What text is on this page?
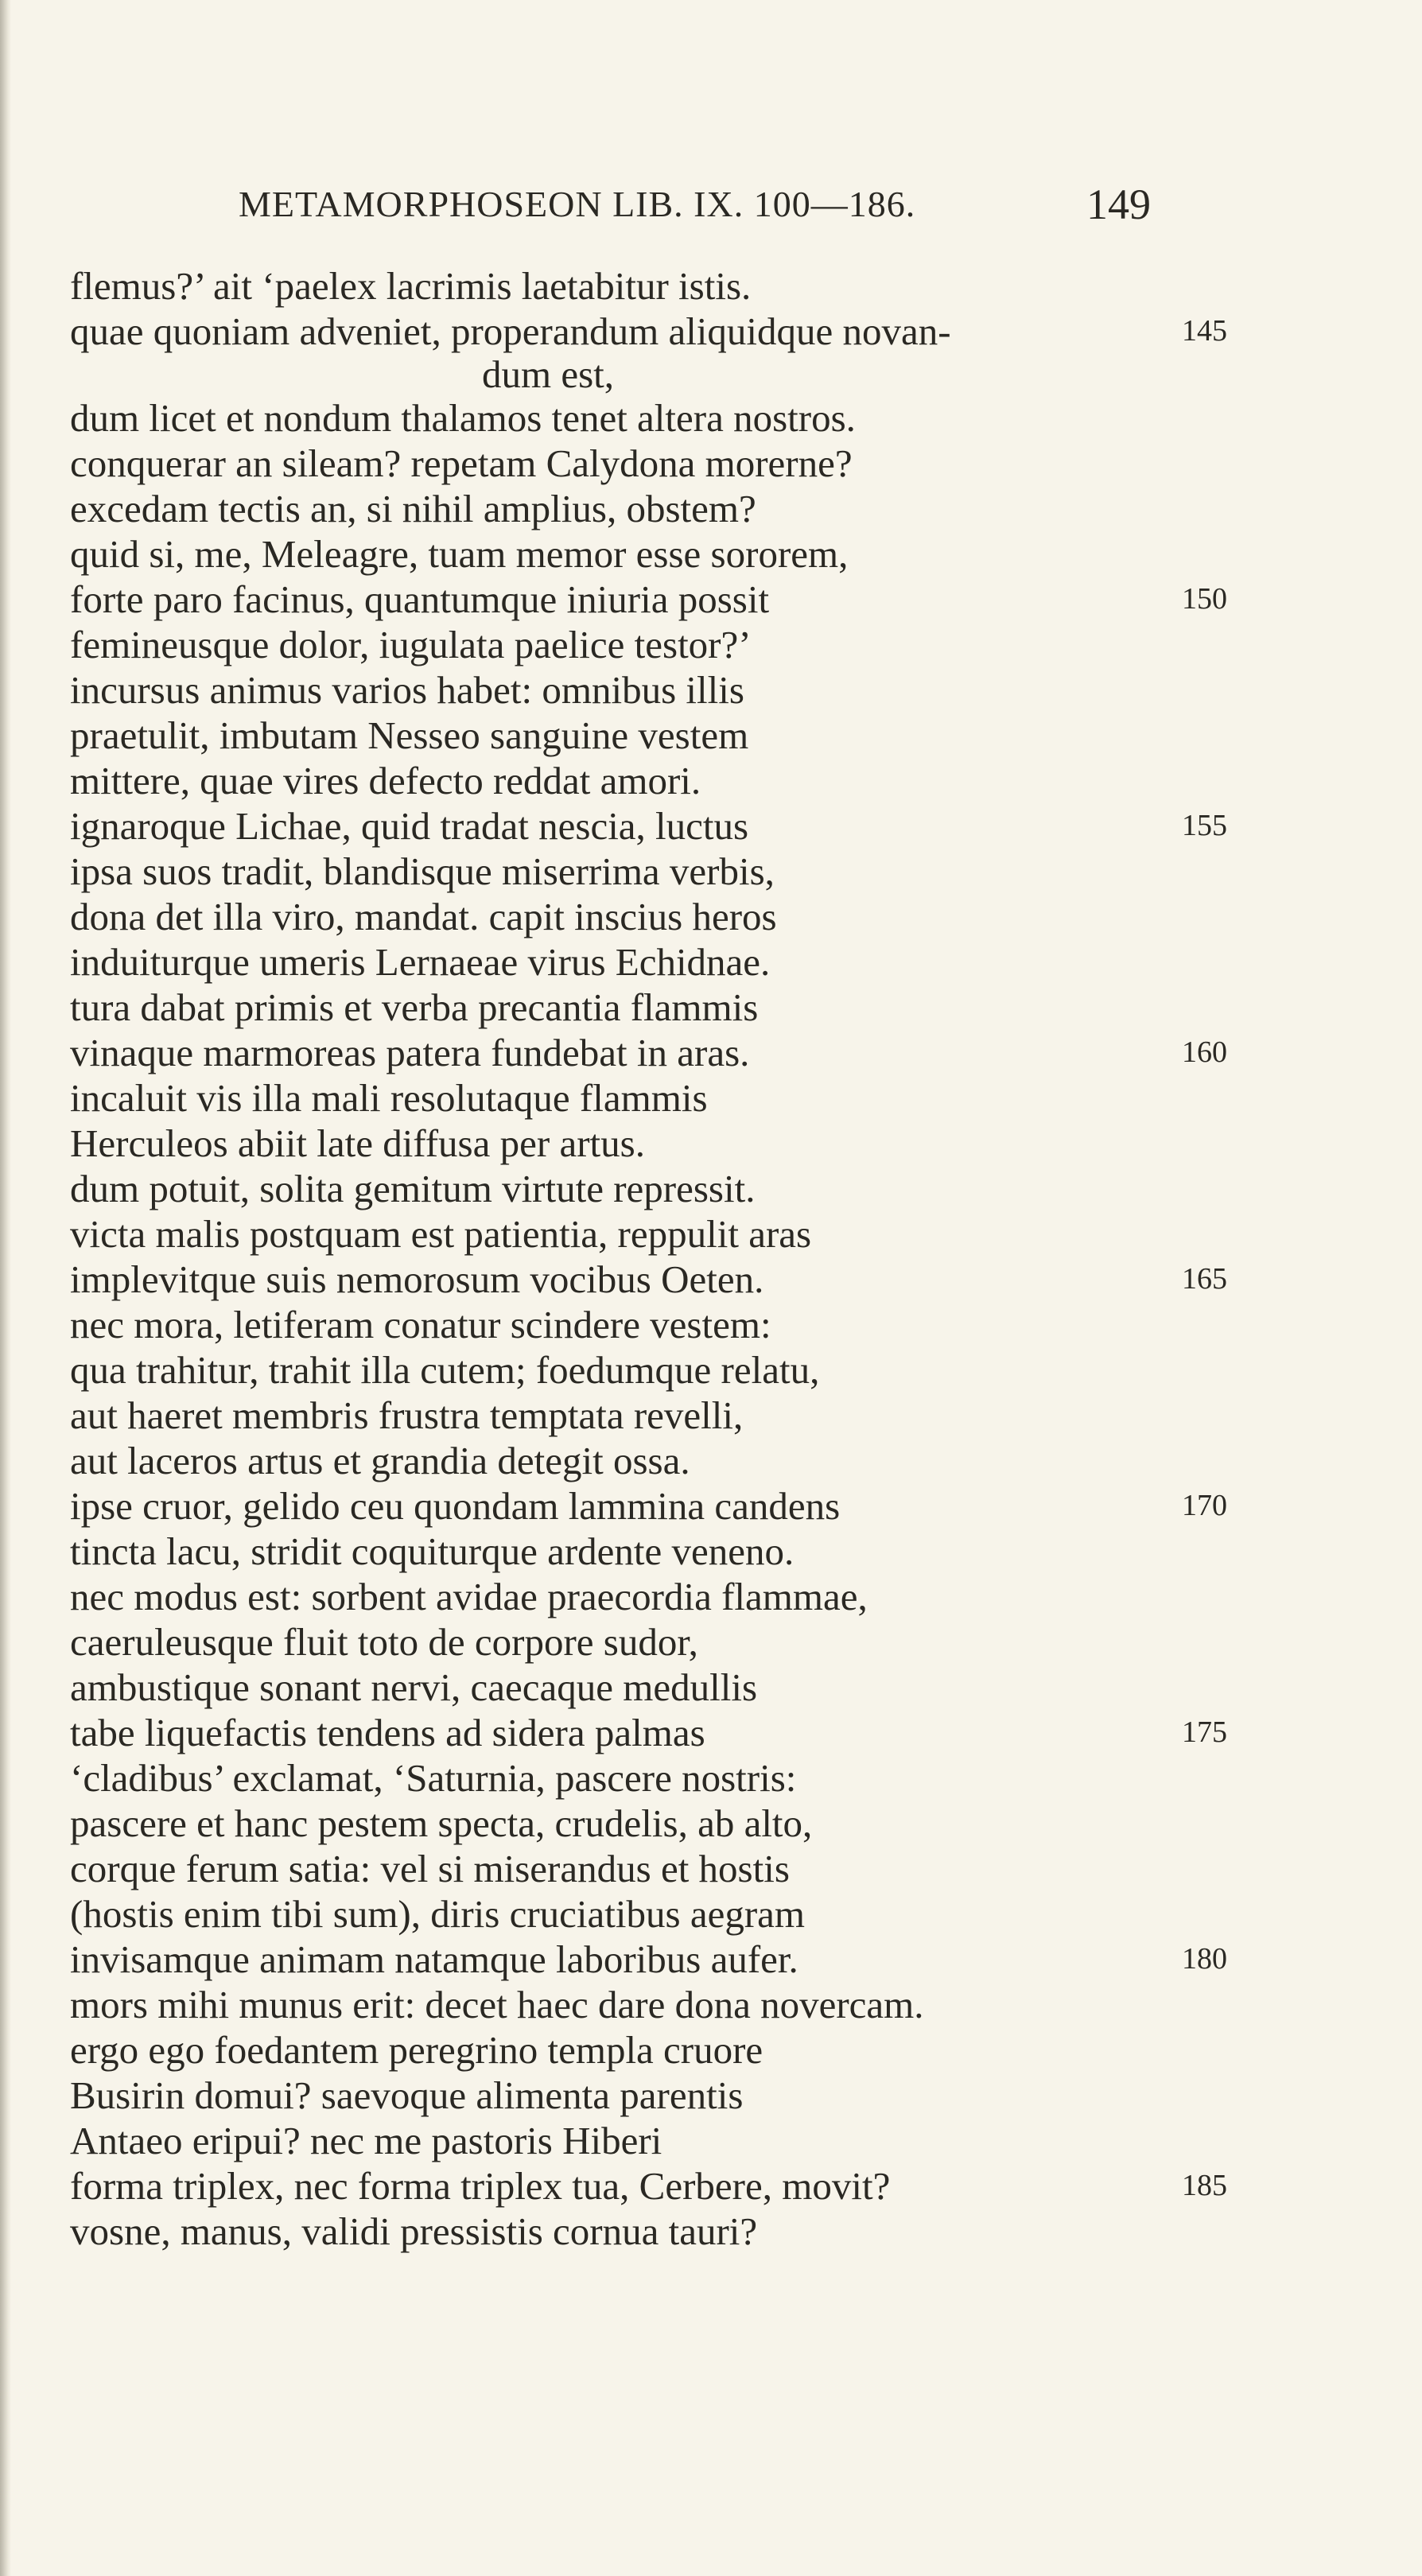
METAMORPHOSEON LIB. IX. 100—186.	149
flemus?’ ait ‘paelex lacrimis laetabitur istis.
quae quoniam adveniet, properandum aliquidque novan-	145
dum est,
dum licet et nondum thalamos tenet altera nostros.
conquerar an sileam? repetam Calydona morerne?
excedam tectis an, si nihil amplius, obstem?
quid si, me, Meleagre, tuam memor esse sororem,
forte paro facinus, quantumque iniuria possit	150
femineusque dolor, iugulata paelice testor?’
incursus animus varios habet: omnibus illis
praetulit, imbutam Nesseo sanguine vestem
mittere, quae vires defecto reddat amori.
ignaroque Lichae, quid tradat nescia, luctus	155
ipsa suos tradit, blandisque miserrima verbis,
dona det illa viro, mandat. capit inscius heros
induiturque umeris Lernaeae virus Echidnae.
tura dabat primis et verba precantia flammis
vinaque marmoreas patera fundebat in aras.	160
incaluit vis illa mali resolutaque flammis
Herculeos abiit late diffusa per artus.
dum potuit, solita gemitum virtute repressit.
victa malis postquam est patientia, reppulit aras
implevitque suis nemorosum vocibus Oeten.	165
nec mora, letiferam conatur scindere vestem:
qua trahitur, trahit illa cutem; foedumque relatu,
aut haeret membris frustra temptata revelli,
aut laceros artus et grandia detegit ossa.
ipse cruor, gelido ceu quondam lammina candens	170
tincta lacu, stridit coquiturque ardente veneno.
nec modus est: sorbent avidae praecordia flammae,
caeruleusque fluit toto de corpore sudor,
ambustique sonant nervi, caecaque medullis
tabe liquefactis tendens ad sidera palmas	175
‘cladibus’ exclamat, ‘Saturnia, pascere nostris:
pascere et hanc pestem specta, crudelis, ab alto,
corque ferum satia: vel si miserandus et hostis
(hostis enim tibi sum), diris cruciatibus aegram
invisamque animam natamque laboribus aufer.	180
mors mihi munus erit: decet haec dare dona novercam.
ergo ego foedantem peregrino templa cruore
Busirin domui? saevoque alimenta parentis
Antaeo eripui? nec me pastoris Hiberi
forma triplex, nec forma triplex tua, Cerbere, movit?	185
vosne, manus, validi pressistis cornua tauri?
